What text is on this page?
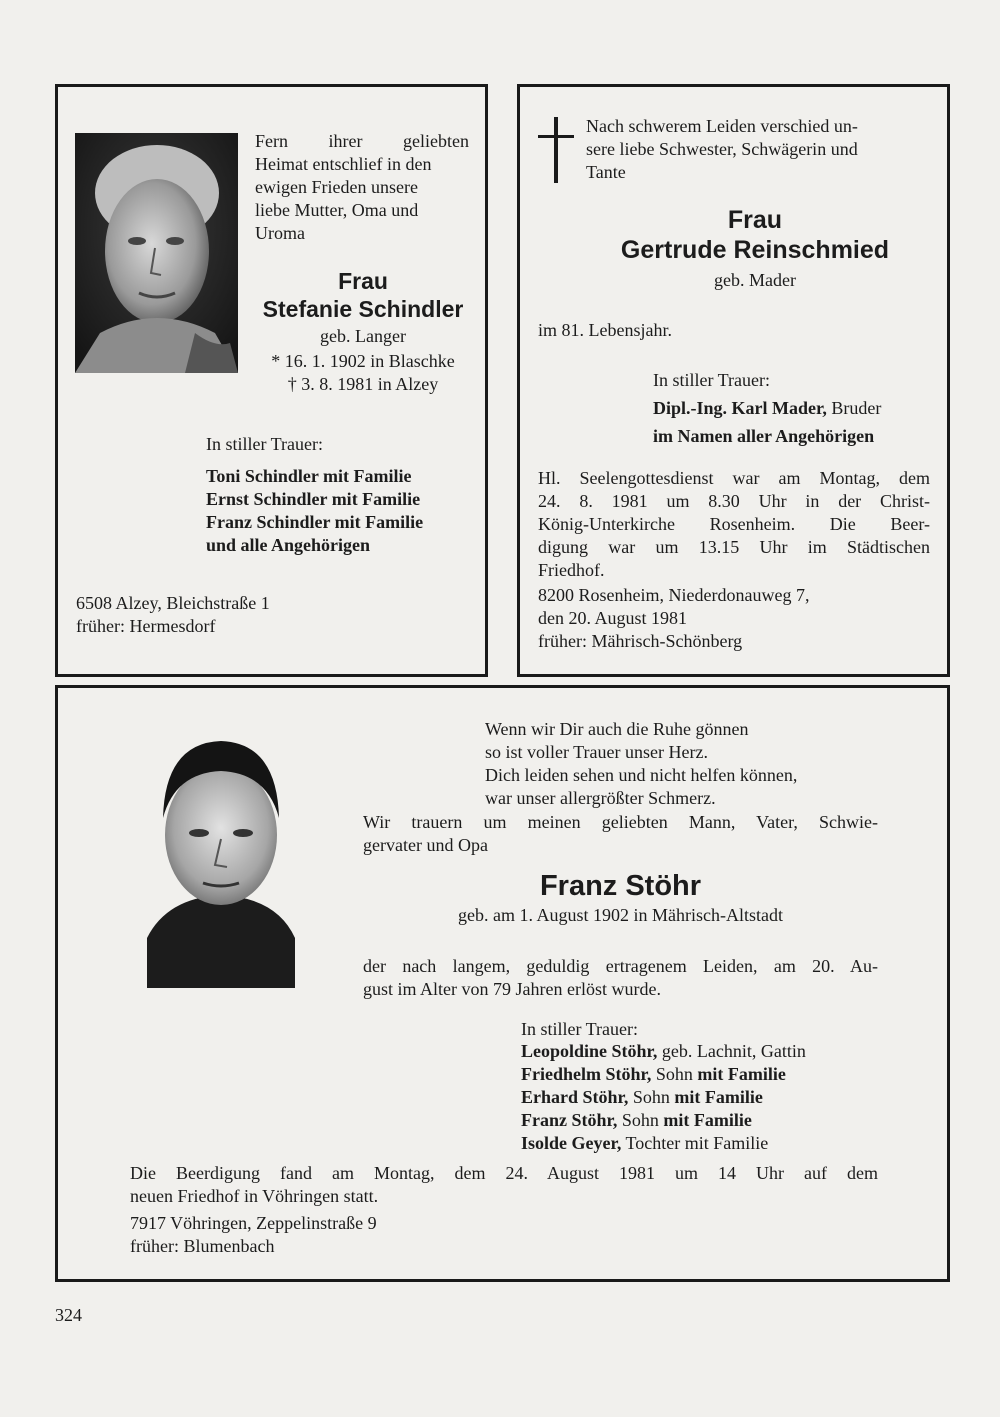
Fern ihrer geliebten
Heimat entschlief in den
ewigen Frieden unsere
liebe Mutter, Oma und
Uroma
Frau
Stefanie Schindler
geb. Langer
* 16. 1. 1902 in Blaschke
† 3. 8. 1981 in Alzey
In stiller Trauer:
Toni Schindler mit Familie
Ernst Schindler mit Familie
Franz Schindler mit Familie
und alle Angehörigen
6508 Alzey, Bleichstraße 1
früher: Hermesdorf
Nach schwerem Leiden verschied un-
sere liebe Schwester, Schwägerin und
Tante
Frau
Gertrude Reinschmied
geb. Mader
im 81. Lebensjahr.
In stiller Trauer:
Dipl.-Ing. Karl Mader, Bruder
im Namen aller Angehörigen
Hl. Seelengottesdienst war am Montag, dem
24. 8. 1981 um 8.30 Uhr in der Christ-
König-Unterkirche Rosenheim. Die Beer-
digung war um 13.15 Uhr im Städtischen
Friedhof.
8200 Rosenheim, Niederdonauweg 7,
den 20. August 1981
früher: Mährisch-Schönberg
Wenn wir Dir auch die Ruhe gönnen
so ist voller Trauer unser Herz.
Dich leiden sehen und nicht helfen können,
war unser allergrößter Schmerz.
Wir trauern um meinen geliebten Mann, Vater, Schwie-
gervater und Opa
Franz Stöhr
geb. am 1. August 1902 in Mährisch-Altstadt
der nach langem, geduldig ertragenem Leiden, am 20. Au-
gust im Alter von 79 Jahren erlöst wurde.
In stiller Trauer:
Leopoldine Stöhr, geb. Lachnit, Gattin
Friedhelm Stöhr, Sohn mit Familie
Erhard Stöhr, Sohn mit Familie
Franz Stöhr, Sohn mit Familie
Isolde Geyer, Tochter mit Familie
Die Beerdigung fand am Montag, dem 24. August 1981 um 14 Uhr auf dem
neuen Friedhof in Vöhringen statt.
7917 Vöhringen, Zeppelinstraße 9
früher: Blumenbach
324
